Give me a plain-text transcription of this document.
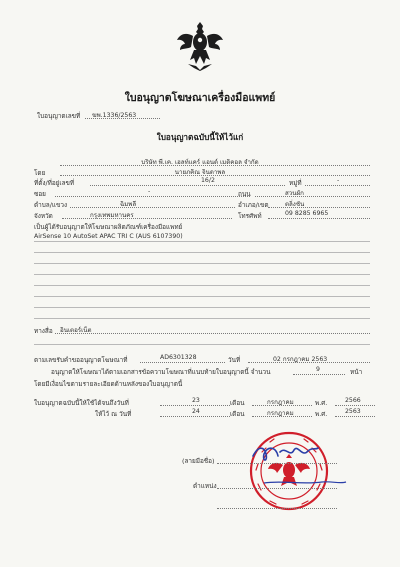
ใบอนุญาตโฆษณาเครื่องมือแพทย์
ใบอนุญาตเลขที่ ฆพ.1336/2563
ใบอนุญาตฉบับนี้ให้ไว้แก่
บริษัท พี.เค. เฮลท์แคร์ แอนด์ เมดิคอล จำกัด
โดย	นายภคิณ จินดาพล
ที่ตั้ง/ที่อยู่เลขที่	16/2	หมู่ที่	-
ซอย	-	ถนน	สวนผัก
ตำบล/แขวง	ฉิมพลี	อำเภอ/เขต	ตลิ่งชัน
จังหวัด	กรุงเทพมหานคร	โทรศัพท์	09 8285 6965
เป็นผู้ได้รับอนุญาตให้โฆษณาผลิตภัณฑ์เครื่องมือแพทย์
AirSense 10 AutoSet APAC TRI C (AUS 6107390)
ทางสื่อ อินเตอร์เน็ต
ตามเลขรับคำขออนุญาตโฆษณาที่	AD6301328	วันที่	02 กรกฎาคม 2563
อนุญาตให้โฆษณาได้ตามเอกสารข้อความโฆษณาที่แนบท้ายใบอนุญาตนี้ จำนวน	9	หน้า
โดยมีเงื่อนไขตามรายละเอียดด้านหลังของใบอนุญาตนี้
ใบอนุญาตฉบับนี้ให้ใช้ได้จนถึงวันที่	23	เดือน	กรกฎาคม	พ.ศ.	2566
ให้ไว้ ณ วันที่	24	เดือน	กรกฎาคม	พ.ศ.	2563
(ลายมือชื่อ)
ตำแหน่ง
